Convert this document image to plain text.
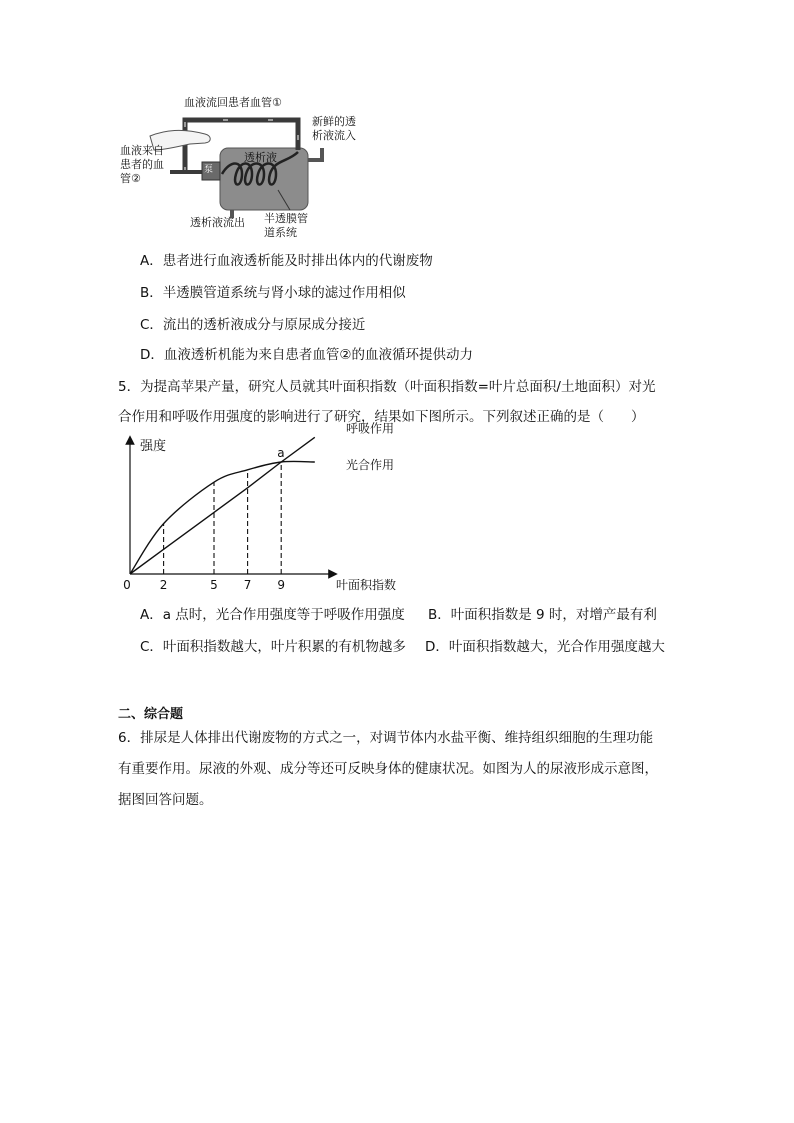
血液流回患者血管①
新鲜的透
析液流入
血液来自
患者的血
管②
泵
透析液
透析液流出 半透膜管
道系统
A．患者进行血液透析能及时排出体内的代谢废物
B．半透膜管道系统与肾小球的滤过作用相似
C．流出的透析液成分与原尿成分接近
D．血液透析机能为来自患者血管②的血液循环提供动力
5．为提高苹果产量，研究人员就其叶面积指数（叶面积指数=叶片总面积/土地面积）对光
合作用和呼吸作用强度的影响进行了研究，结果如下图所示。下列叙述正确的是（　　）
强度
叶面积指数
0 2	5 7 9
呼吸作用
光合作用
a
A．a 点时，光合作用强度等于呼吸作用强度 B．叶面积指数是 9 时，对增产最有利
C．叶面积指数越大，叶片积累的有机物越多 D．叶面积指数越大，光合作用强度越大
二、综合题
6．排尿是人体排出代谢废物的方式之一，对调节体内水盐平衡、维持组织细胞的生理功能
有重要作用。尿液的外观、成分等还可反映身体的健康状况。如图为人的尿液形成示意图，
据图回答问题。
